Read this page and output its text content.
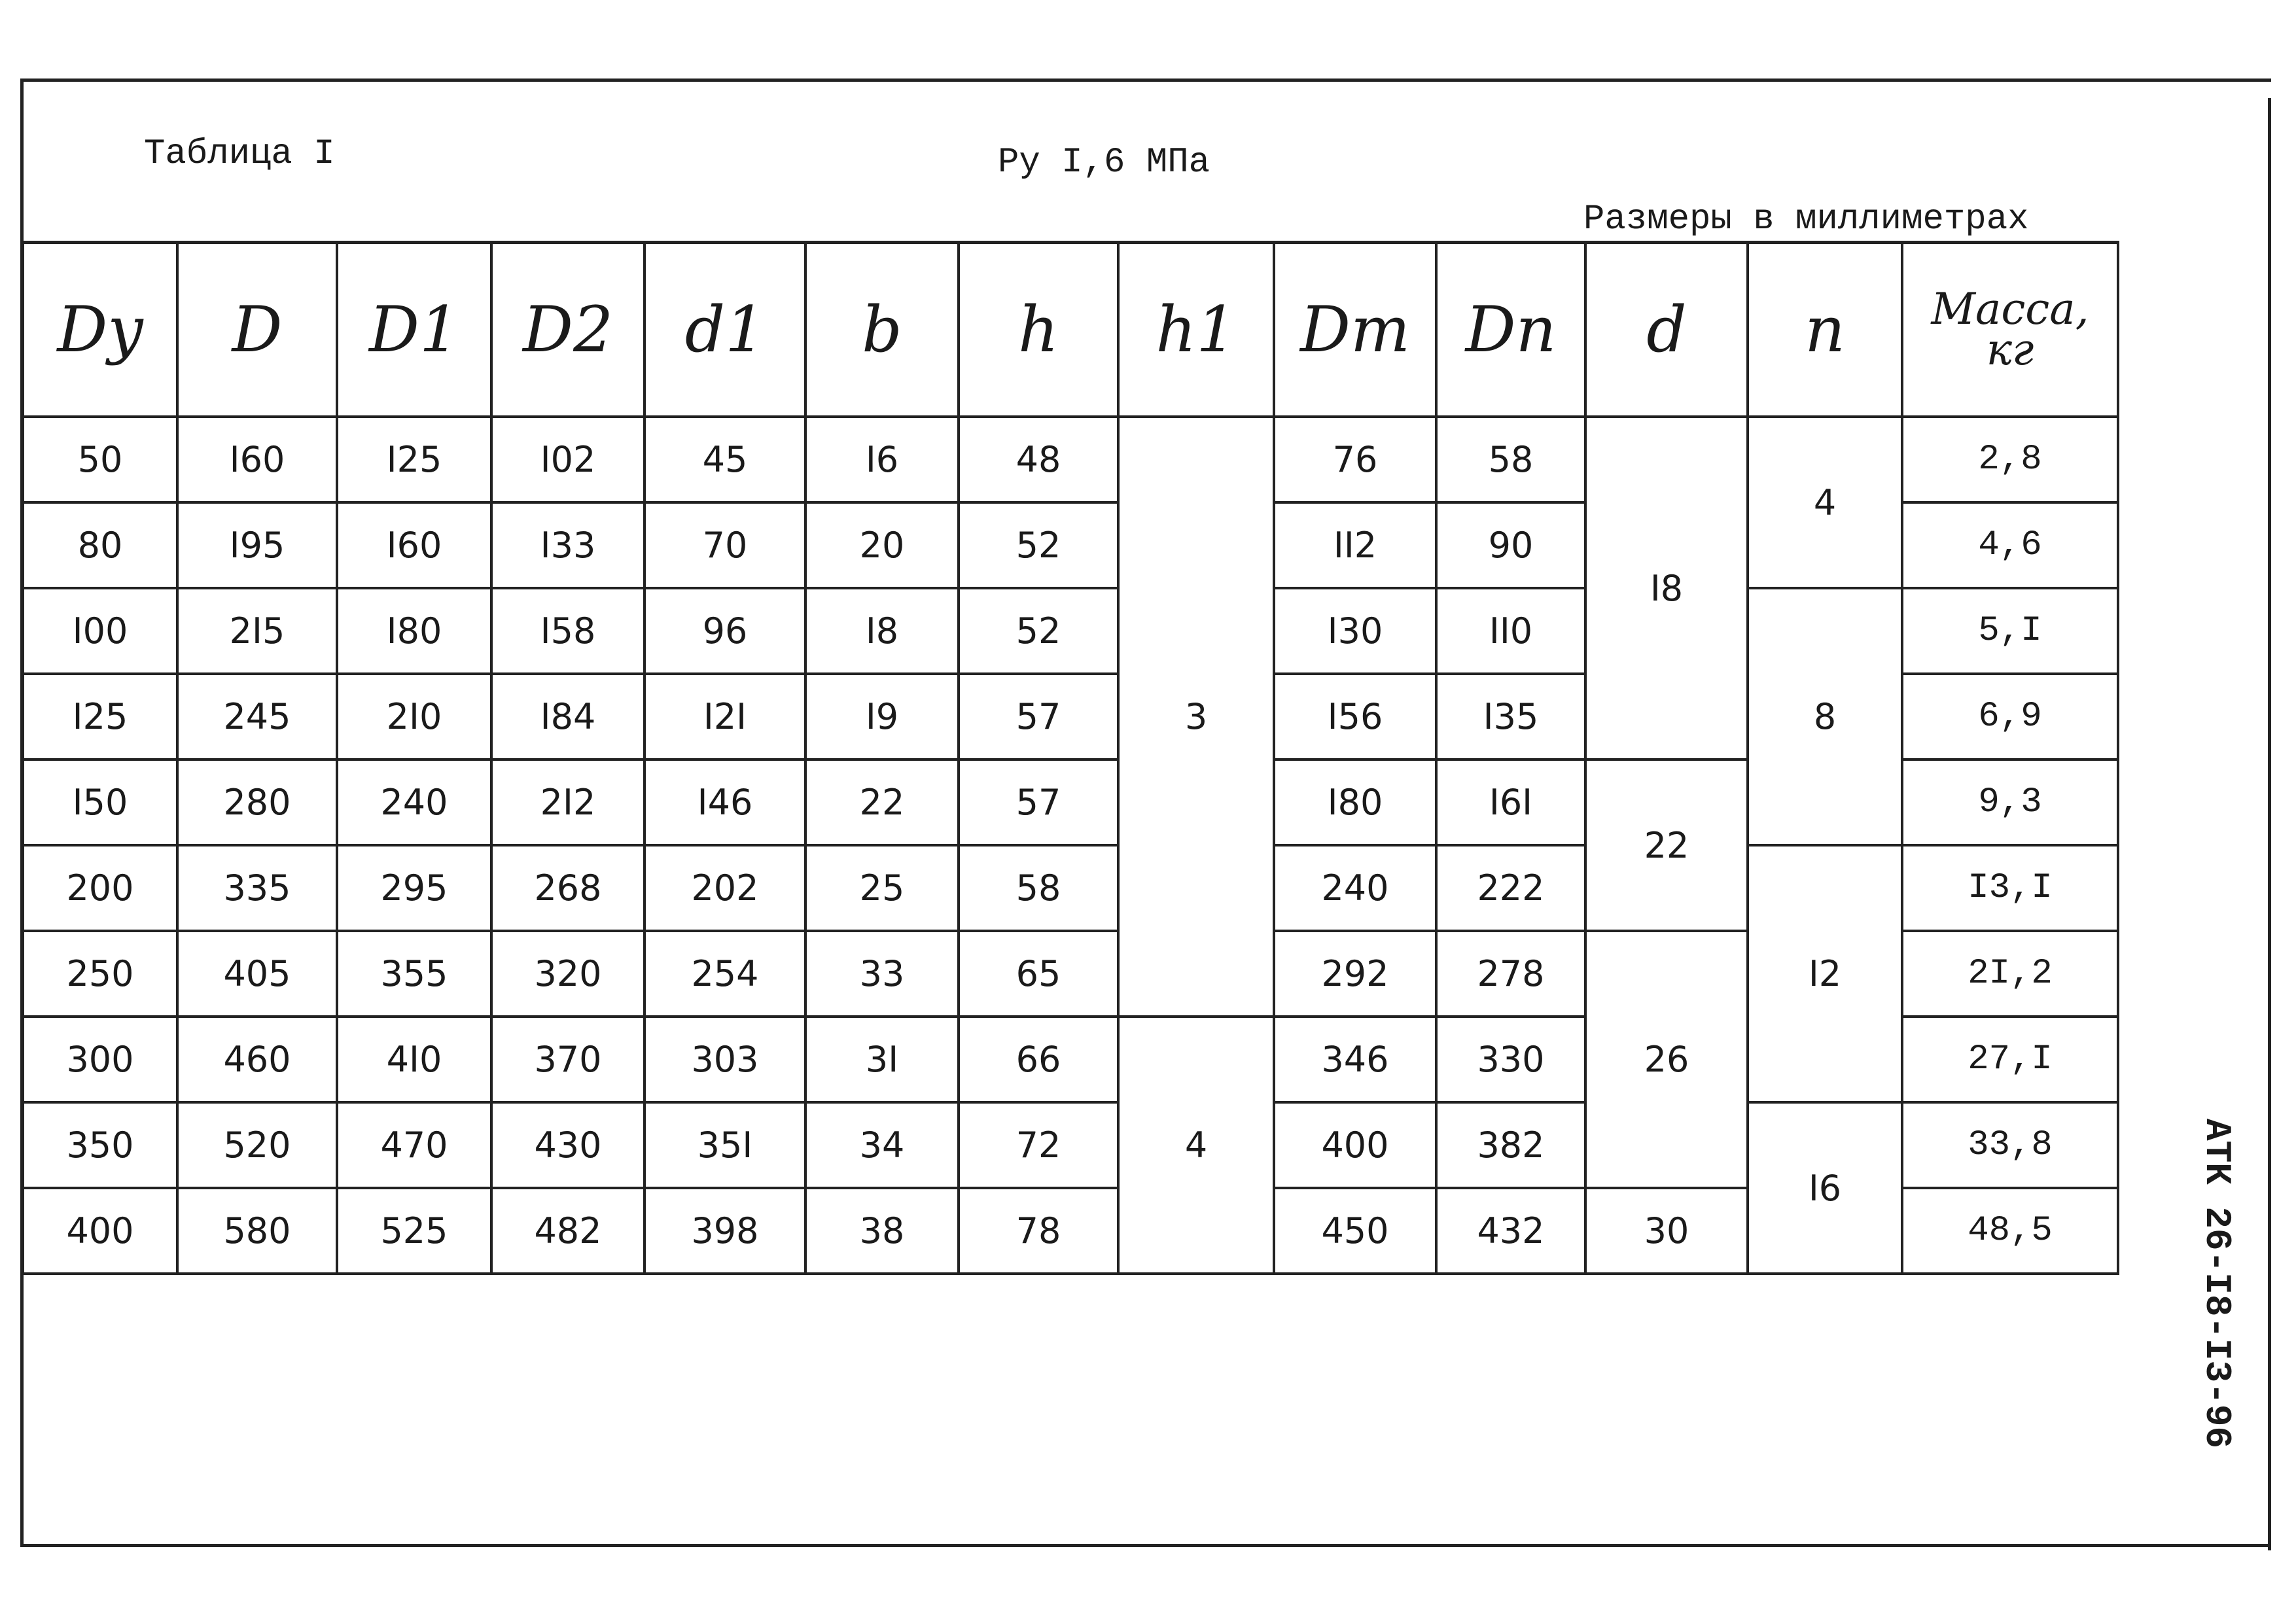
Таблица I	Ру I,6 МПа
Размеры в миллиметрах
АТК 26-I8-I3-96
Dy	D	D1	D2	d1	b	h	h1	Dm	Dn	d	n	Масса, кг
50	I60	I25	I02	45	I6	48	3	76	58	I8	4	2,8
80	I95	I60	I33	70	20	52		II2	90			4,6
I00	2I5	I80	I58	96	I8	52		I30	II0		8	5,I
I25	245	2I0	I84	I2I	I9	57		I56	I35			6,9
I50	280	240	2I2	I46	22	57		I80	I6I	22		9,3
200	335	295	268	202	25	58		240	222		I2	I3,I
250	405	355	320	254	33	65		292	278	26		2I,2
300	460	4I0	370	303	3I	66	4	346	330			27,I
350	520	470	430	35I	34	72		400	382		I6	33,8
400	580	525	482	398	38	78		450	432	30		48,5
